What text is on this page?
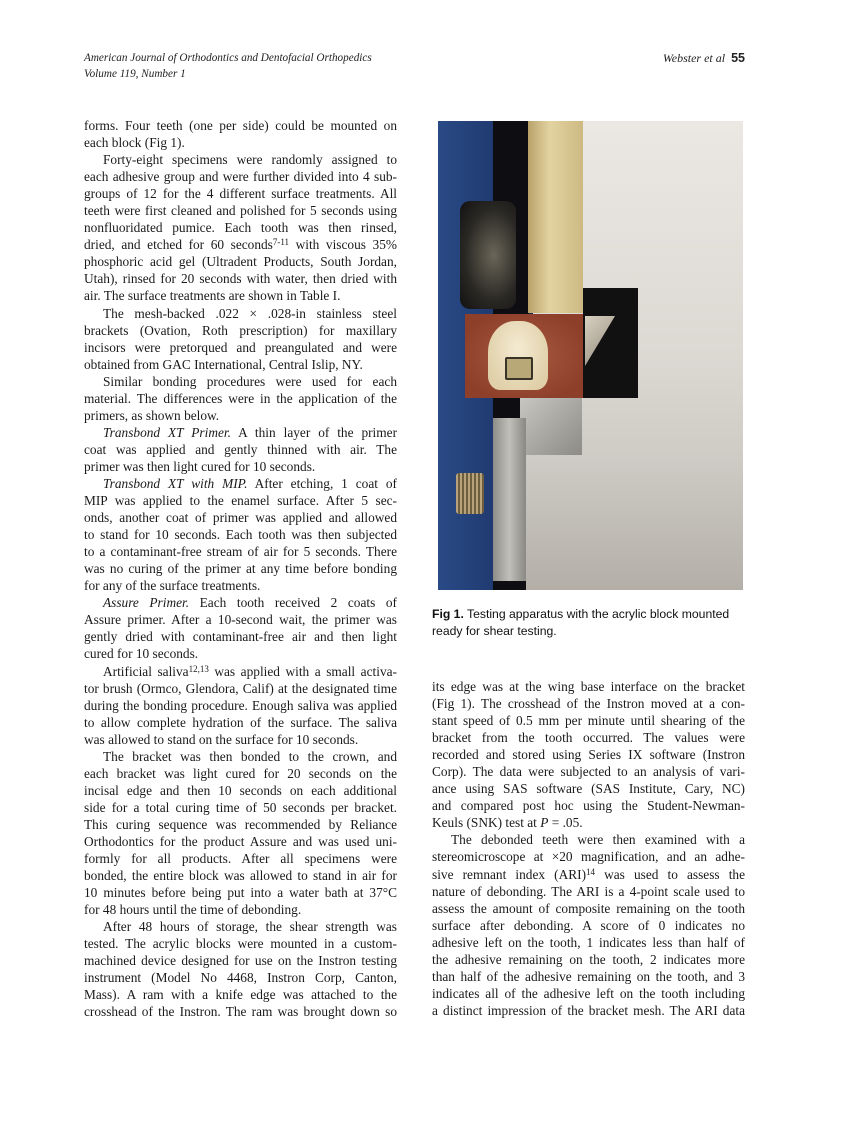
American Journal of Orthodontics and Dentofacial Orthopedics
Volume 119, Number 1
Webster et al 55
forms. Four teeth (one per side) could be mounted on
each block (Fig 1).
Forty-eight specimens were randomly assigned to
each adhesive group and were further divided into 4 sub-
groups of 12 for the 4 different surface treatments. All
teeth were first cleaned and polished for 5 seconds using
nonfluoridated pumice. Each tooth was then rinsed,
dried, and etched for 60 seconds$^{7-11}$ with viscous 35%
phosphoric acid gel (Ultradent Products, South Jordan,
Utah), rinsed for 20 seconds with water, then dried with
air. The surface treatments are shown in Table I.
The mesh-backed .022 × .028-in stainless steel
brackets (Ovation, Roth prescription) for maxillary
incisors were pretorqued and preangulated and were
obtained from GAC International, Central Islip, NY.
Similar bonding procedures were used for each
material. The differences were in the application of the
primers, as shown below.
Transbond XT Primer. A thin layer of the primer
coat was applied and gently thinned with air. The
primer was then light cured for 10 seconds.
Transbond XT with MIP. After etching, 1 coat of
MIP was applied to the enamel surface. After 5 sec-
onds, another coat of primer was applied and allowed
to stand for 10 seconds. Each tooth was then subjected
to a contaminant-free stream of air for 5 seconds. There
was no curing of the primer at any time before bonding
for any of the surface treatments.
Assure Primer. Each tooth received 2 coats of
Assure primer. After a 10-second wait, the primer was
gently dried with contaminant-free air and then light
cured for 10 seconds.
Artificial saliva$^{12,13}$ was applied with a small activa-
tor brush (Ormco, Glendora, Calif) at the designated time
during the bonding procedure. Enough saliva was applied
to allow complete hydration of the surface. The saliva
was allowed to stand on the surface for 10 seconds.
The bracket was then bonded to the crown, and
each bracket was light cured for 20 seconds on the
incisal edge and then 10 seconds on each additional
side for a total curing time of 50 seconds per bracket.
This curing sequence was recommended by Reliance
Orthodontics for the product Assure and was used uni-
formly for all products. After all specimens were
bonded, the entire block was allowed to stand in air for
10 minutes before being put into a water bath at 37°C
for 48 hours until the time of debonding.
After 48 hours of storage, the shear strength was
tested. The acrylic blocks were mounted in a custom-
machined device designed for use on the Instron testing
instrument (Model No 4468, Instron Corp, Canton,
Mass). A ram with a knife edge was attached to the
crosshead of the Instron. The ram was brought down so
its edge was at the wing base interface on the bracket
(Fig 1). The crosshead of the Instron moved at a con-
stant speed of 0.5 mm per minute until shearing of the
bracket from the tooth occurred. The values were
recorded and stored using Series IX software (Instron
Corp). The data were subjected to an analysis of vari-
ance using SAS software (SAS Institute, Cary, NC)
and compared post hoc using the Student-Newman-
Keuls (SNK) test at P = .05.
The debonded teeth were then examined with a
stereomicroscope at ×20 magnification, and an adhe-
sive remnant index (ARI)$^{14}$ was used to assess the
nature of debonding. The ARI is a 4-point scale used to
assess the amount of composite remaining on the tooth
surface after debonding. A score of 0 indicates no
adhesive left on the tooth, 1 indicates less than half of
the adhesive remaining on the tooth, 2 indicates more
than half of the adhesive remaining on the tooth, and 3
indicates all of the adhesive left on the tooth including
a distinct impression of the bracket mesh. The ARI data
Fig 1. Testing apparatus with the acrylic block mounted
ready for shear testing.
